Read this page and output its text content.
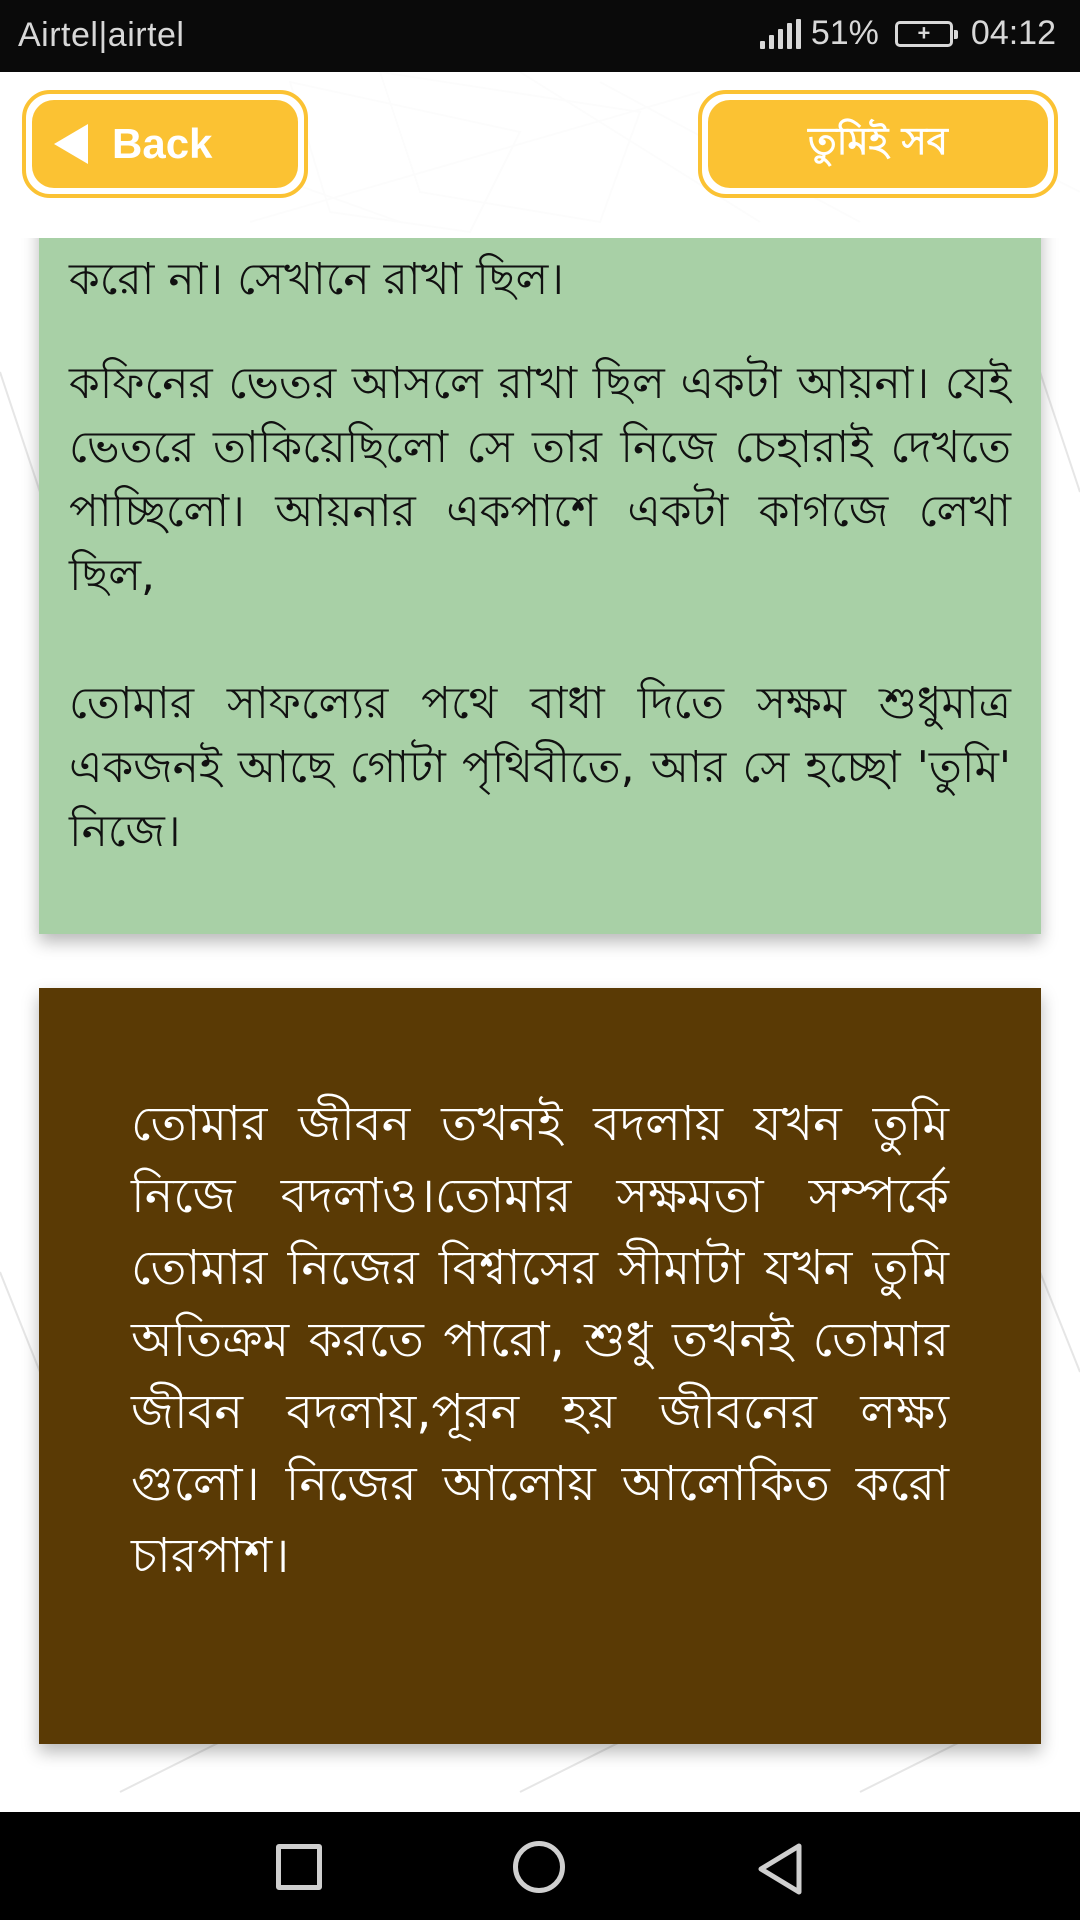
Airtel|airtel	51% + 04:12
Back	তুমিই সব

করো না। সেখানে রাখা ছিল।

কফিনের ভেতর আসলে রাখা ছিল একটা আয়না। যেই ভেতরে তাকিয়েছিলো সে তার নিজে চেহারাই দেখতে পাচ্ছিলো। আয়নার একপাশে একটা কাগজে লেখা ছিল,

তোমার সাফল্যের পথে বাধা দিতে সক্ষম শুধুমাত্র একজনই আছে গোটা পৃথিবীতে, আর সে হচ্ছো 'তুমি' নিজে।

তোমার জীবন তখনই বদলায় যখন তুমি নিজে বদলাও।তোমার সক্ষমতা সম্পর্কে তোমার নিজের বিশ্বাসের সীমাটা যখন তুমি অতিক্রম করতে পারো, শুধু তখনই তোমার জীবন বদলায়,পূরন হয় জীবনের লক্ষ্য গুলো। নিজের আলোয় আলোকিত করো চারপাশ।
